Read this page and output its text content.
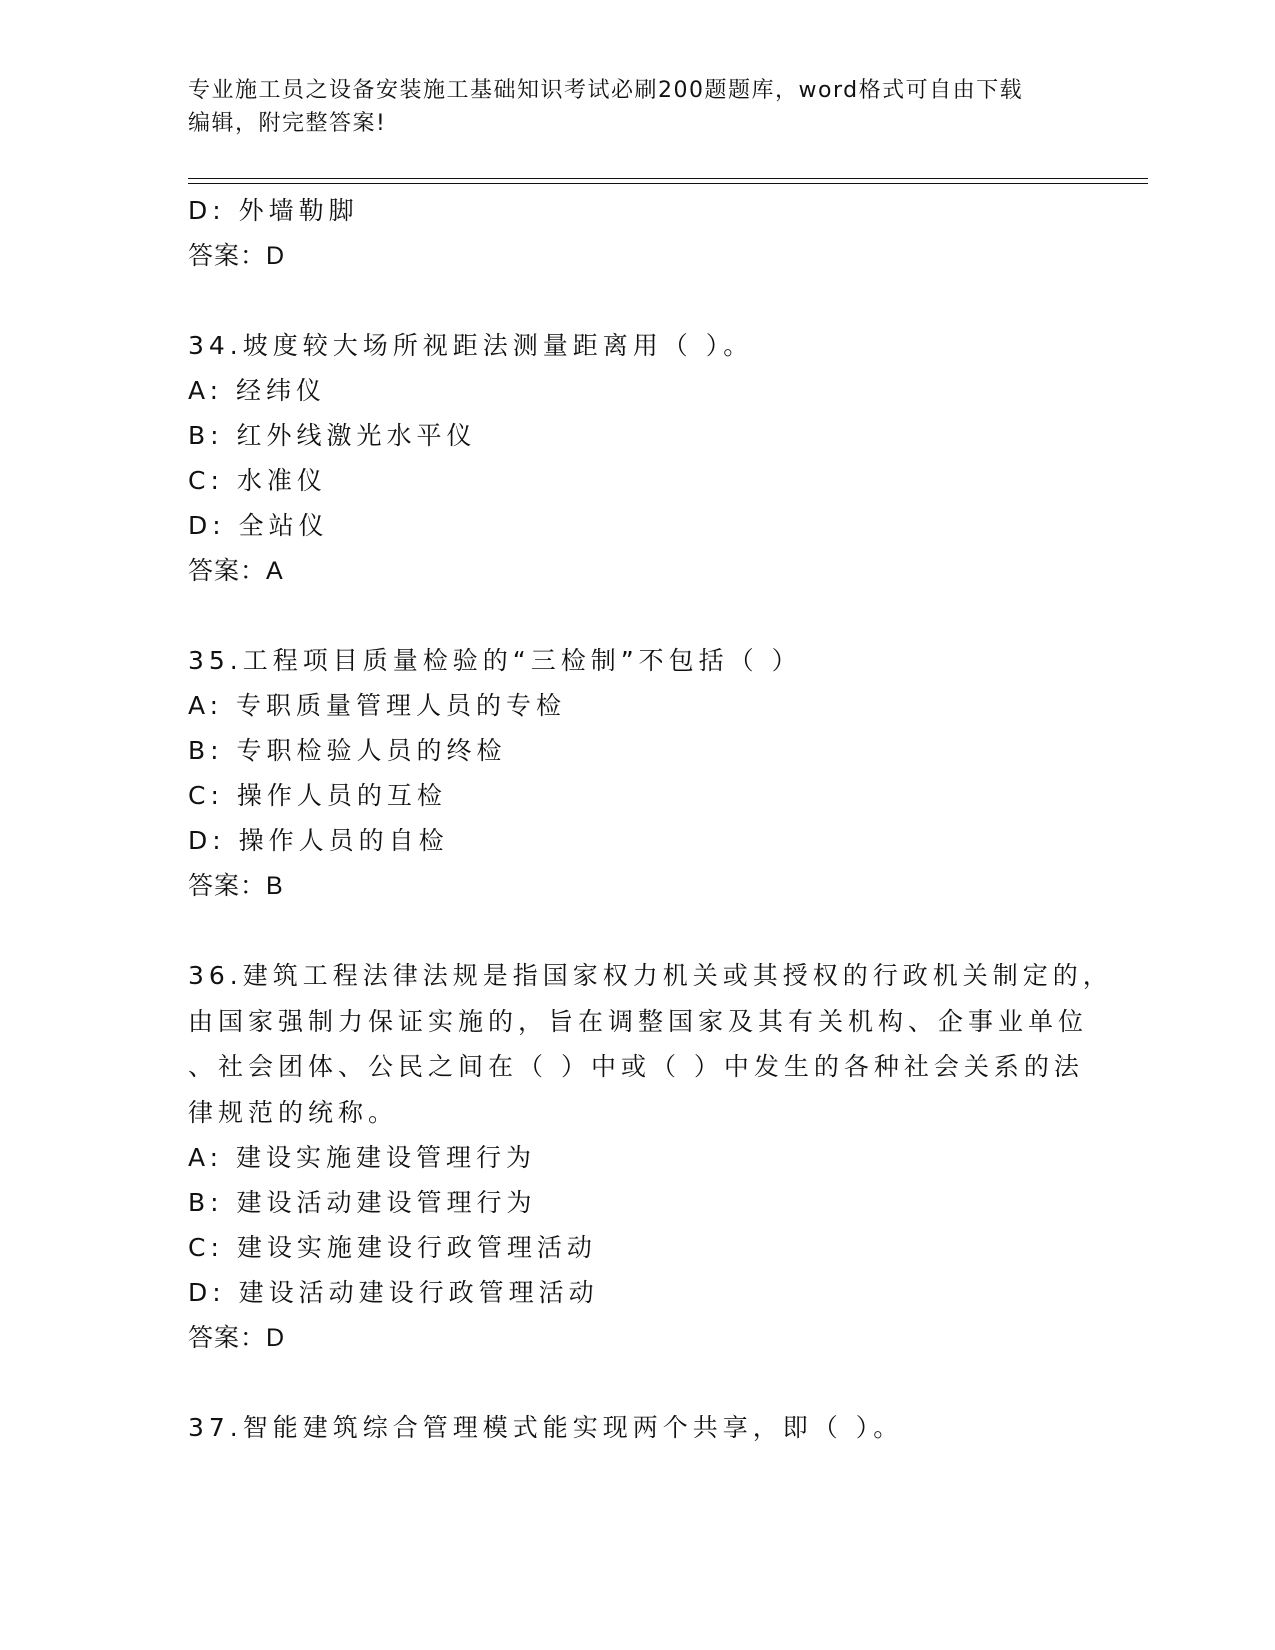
专业施工员之设备安装施工基础知识考试必刷200题题库，word格式可自由下载
编辑，附完整答案!
D: 外墙勒脚
答案：D
34.坡度较大场所视距法测量距离用（ ）。
A: 经纬仪
B: 红外线激光水平仪
C: 水准仪
D: 全站仪
答案：A
35.工程项目质量检验的“三检制”不包括（ ）
A: 专职质量管理人员的专检
B: 专职检验人员的终检
C: 操作人员的互检
D: 操作人员的自检
答案：B
36.建筑工程法律法规是指国家权力机关或其授权的行政机关制定的，
由国家强制力保证实施的，旨在调整国家及其有关机构、企事业单位
、社会团体、公民之间在（ ）中或（ ）中发生的各种社会关系的法
律规范的统称。
A: 建设实施建设管理行为
B: 建设活动建设管理行为
C: 建设实施建设行政管理活动
D: 建设活动建设行政管理活动
答案：D
37.智能建筑综合管理模式能实现两个共享，即（ ）。
